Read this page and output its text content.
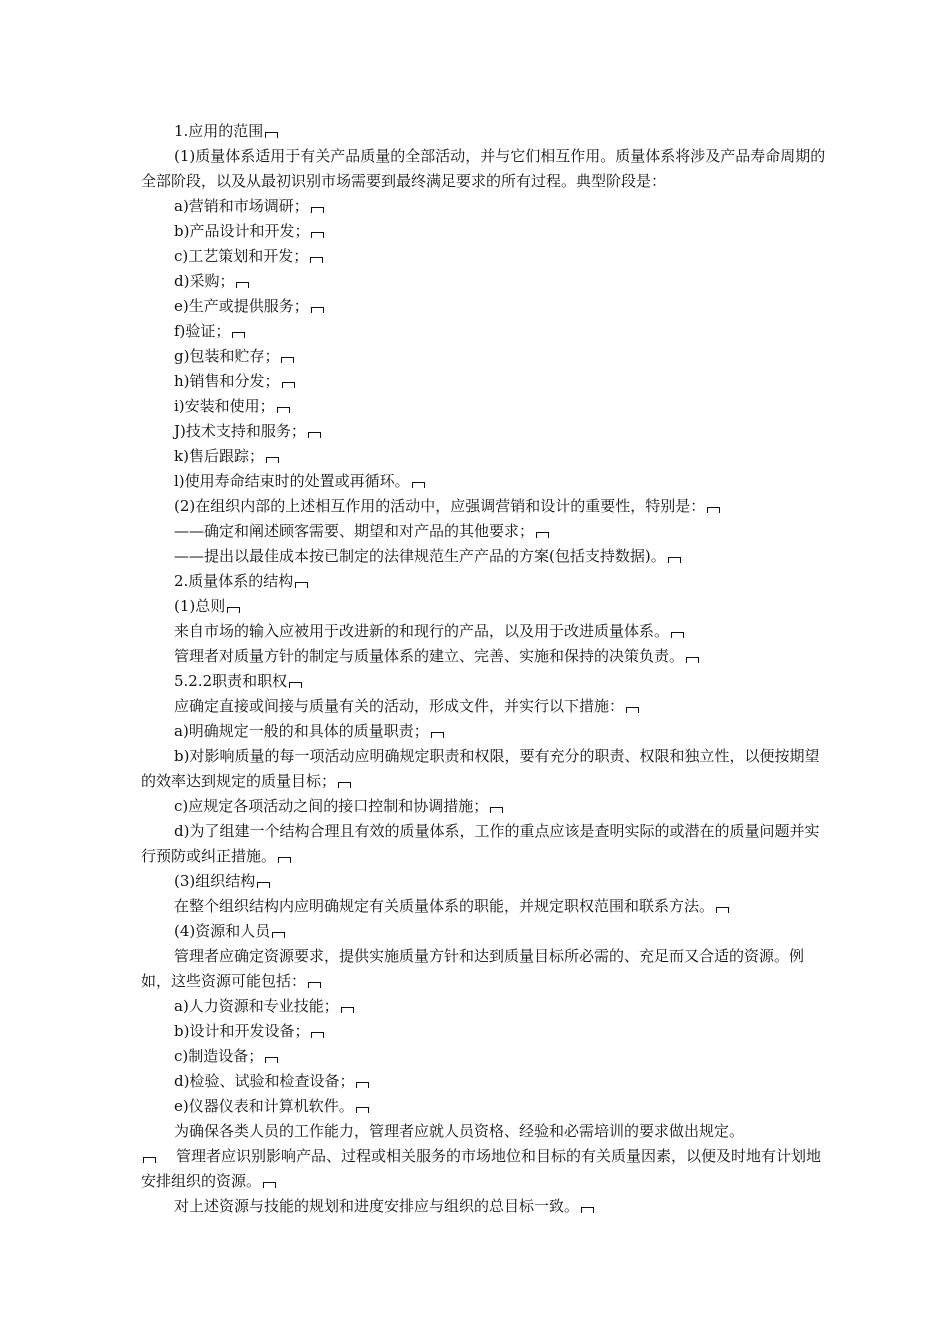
1.应用的范围
(1)质量体系适用于有关产品质量的全部活动，并与它们相互作用。质量体系将涉及产品寿命周期的全部阶段，以及从最初识别市场需要到最终满足要求的所有过程。典型阶段是：
a)营销和市场调研；
b)产品设计和开发；
c)工艺策划和开发；
d)采购；
e)生产或提供服务；
f)验证；
g)包装和贮存；
h)销售和分发；
i)安装和使用；
J)技术支持和服务；
k)售后跟踪；
l)使用寿命结束时的处置或再循环。
(2)在组织内部的上述相互作用的活动中，应强调营销和设计的重要性，特别是：
——确定和阐述顾客需要、期望和对产品的其他要求；
——提出以最佳成本按已制定的法律规范生产产品的方案(包括支持数据)。
2.质量体系的结构
(1)总则
来自市场的输入应被用于改进新的和现行的产品，以及用于改进质量体系。
管理者对质量方针的制定与质量体系的建立、完善、实施和保持的决策负责。
5.2.2职责和职权
应确定直接或间接与质量有关的活动，形成文件，并实行以下措施：
a)明确规定一般的和具体的质量职责；
b)对影响质量的每一项活动应明确规定职责和权限，要有充分的职责、权限和独立性，以便按期望的效率达到规定的质量目标；
c)应规定各项活动之间的接口控制和协调措施；
d)为了组建一个结构合理且有效的质量体系，工作的重点应该是查明实际的或潜在的质量问题并实行预防或纠正措施。
(3)组织结构
在整个组织结构内应明确规定有关质量体系的职能，并规定职权范围和联系方法。
(4)资源和人员
管理者应确定资源要求，提供实施质量方针和达到质量目标所必需的、充足而又合适的资源。例如，这些资源可能包括：
a)人力资源和专业技能；
b)设计和开发设备；
c)制造设备；
d)检验、试验和检查设备；
e)仪器仪表和计算机软件。
为确保各类人员的工作能力，管理者应就人员资格、经验和必需培训的要求做出规定。
管理者应识别影响产品、过程或相关服务的市场地位和目标的有关质量因素，以便及时地有计划地安排组织的资源。
对上述资源与技能的规划和进度安排应与组织的总目标一致。
